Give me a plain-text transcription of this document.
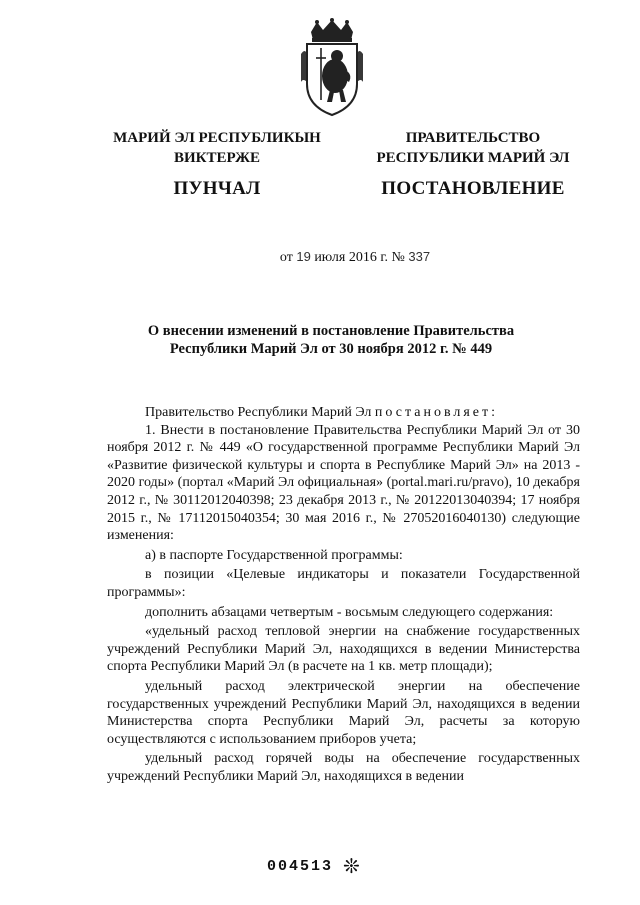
МАРИЙ ЭЛ РЕСПУБЛИКЫН
ВИКТЕРЖЕ
ПУНЧАЛ
ПРАВИТЕЛЬСТВО
РЕСПУБЛИКИ МАРИЙ ЭЛ
ПОСТАНОВЛЕНИЕ
от 19 июля 2016 г. № 337
О внесении изменений в постановление Правительства
Республики Марий Эл от 30 ноября 2012 г. № 449

Правительство Республики Марий Эл постановляет:

1. Внести в постановление Правительства Республики Марий Эл от 30 ноября 2012 г. № 449 «О государственной программе Республики Марий Эл «Развитие физической культуры и спорта в Республике Марий Эл» на 2013 - 2020 годы» (портал «Марий Эл официальная» (portal.mari.ru/pravo), 10 декабря 2012 г., № 30112012040398; 23 декабря 2013 г., № 20122013040394; 17 ноября 2015 г., № 17112015040354; 30 мая 2016 г., № 27052016040130) следующие изменения:

а) в паспорте Государственной программы:

в позиции «Целевые индикаторы и показатели Государственной программы»:

дополнить абзацами четвертым - восьмым следующего содержания:

«удельный расход тепловой энергии на снабжение государственных учреждений Республики Марий Эл, находящихся в ведении Министерства спорта Республики Марий Эл (в расчете на 1 кв. метр площади);

удельный расход электрической энергии на обеспечение государственных учреждений Республики Марий Эл, находящихся в ведении Министерства спорта Республики Марий Эл, расчеты за которую осуществляются с использованием приборов учета;

удельный расход горячей воды на обеспечение государственных учреждений Республики Марий Эл, находящихся в ведении

004513 ❊
